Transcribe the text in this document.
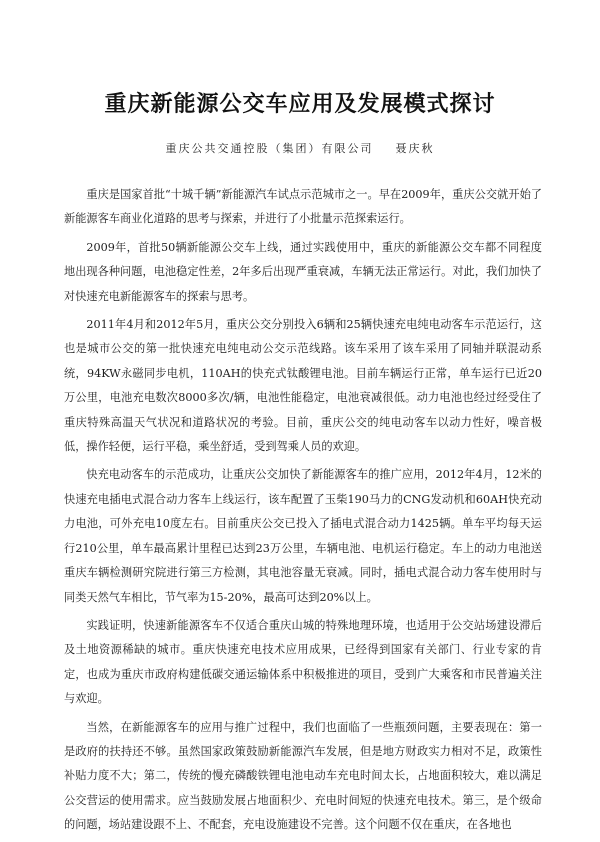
重庆新能源公交车应用及发展模式探讨
重庆公共交通控股（集团）有限公司 聂庆秋

重庆是国家首批“十城千辆”新能源汽车试点示范城市之一。早在2009年，重庆公交就开始了新能源客车商业化道路的思考与探索，并进行了小批量示范探索运行。

2009年，首批50辆新能源公交车上线，通过实践使用中，重庆的新能源公交车都不同程度地出现各种问题，电池稳定性差，2年多后出现严重衰减，车辆无法正常运行。对此，我们加快了对快速充电新能源客车的探索与思考。

2011年4月和2012年5月，重庆公交分别投入6辆和25辆快速充电纯电动客车示范运行，这也是城市公交的第一批快速充电纯电动公交示范线路。该车采用了该车采用了同轴并联混动系统，94KW永磁同步电机，110AH的快充式钛酸锂电池。目前车辆运行正常，单车运行已近20万公里，电池充电数次8000多次/辆，电池性能稳定，电池衰减很低。动力电池也经过经受住了重庆特殊高温天气状况和道路状况的考验。目前，重庆公交的纯电动客车以动力性好，噪音极低，操作轻便，运行平稳，乘坐舒适，受到驾乘人员的欢迎。

快充电动客车的示范成功，让重庆公交加快了新能源客车的推广应用，2012年4月，12米的快速充电插电式混合动力客车上线运行，该车配置了玉柴190马力的CNG发动机和60AH快充动力电池，可外充电10度左右。目前重庆公交已投入了插电式混合动力1425辆。单车平均每天运行210公里，单车最高累计里程已达到23万公里，车辆电池、电机运行稳定。车上的动力电池送重庆车辆检测研究院进行第三方检测，其电池容量无衰减。同时，插电式混合动力客车使用时与同类天然气车相比，节气率为15-20%，最高可达到20%以上。

实践证明，快速新能源客车不仅适合重庆山城的特殊地理环境，也适用于公交站场建设滞后及土地资源稀缺的城市。重庆快速充电技术应用成果，已经得到国家有关部门、行业专家的肯定，也成为重庆市政府构建低碳交通运输体系中积极推进的项目，受到广大乘客和市民普遍关注与欢迎。

当然，在新能源客车的应用与推广过程中，我们也面临了一些瓶颈问题，主要表现在：第一是政府的扶持还不够。虽然国家政策鼓励新能源汽车发展，但是地方财政实力相对不足，政策性补贴力度不大；第二，传统的慢充磷酸铁锂电池电动车充电时间太长，占地面积较大，难以满足公交营运的使用需求。应当鼓励发展占地面积少、充电时间短的快速充电技术。第三，是个级命的问题，场站建设跟不上、不配套，充电设施建设不完善。这个问题不仅在重庆，在各地也
